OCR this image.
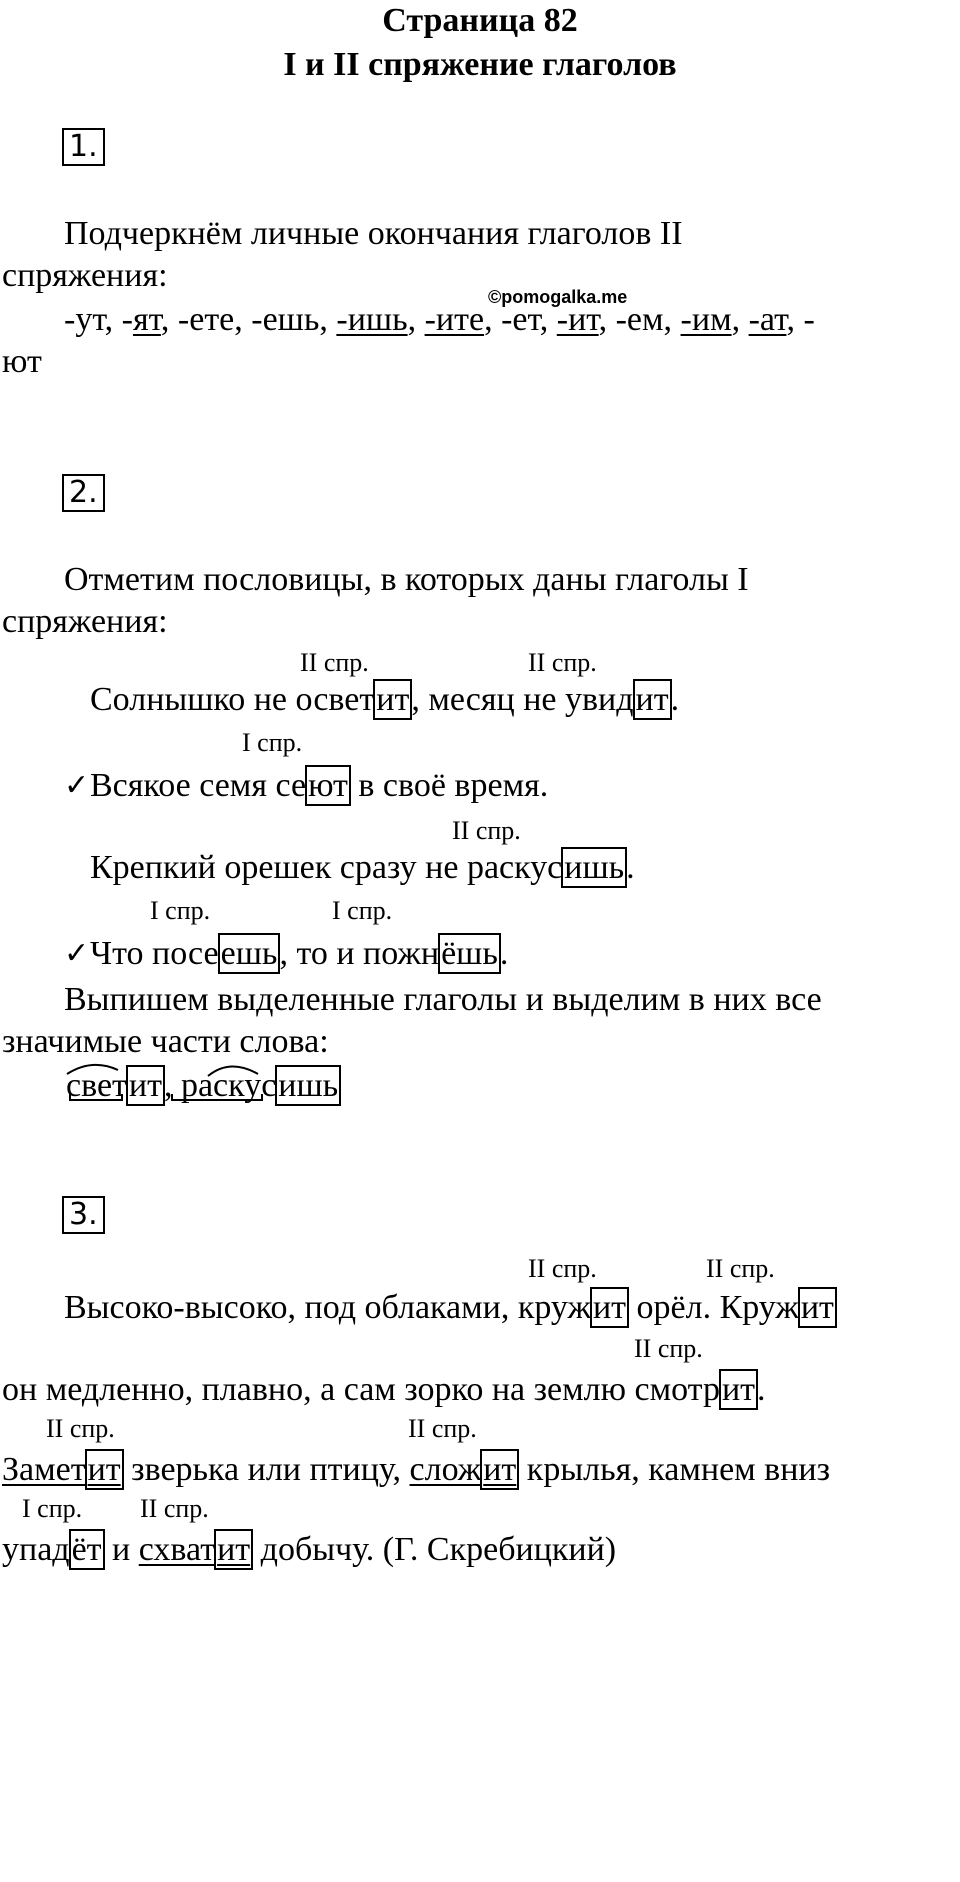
Страница 82
I и II спряжение глаголов
1.
Подчеркнём личные окончания глаголов II
спряжения:
©pomogalka.me
-ут, -ят, -ете, -ешь, -ишь, -ите, -ет, -ит, -ем, -им, -ат, -
ют
2.
Отметим пословицы, в которых даны глаголы I
спряжения:
II спр.	II спр.
Солнышко не осветит, месяц не увидит.
I спр.
✓ Всякое семя сеют в своё время.
II спр.
Крепкий орешек сразу не раскусишь.
I спр.	I спр.
✓ Что посеешь, то и пожнёшь.
Выпишем выделенные глаголы и выделим в них все
значимые части слова:
светит, раскусишь
3.
II спр.	II спр.
Высоко-высоко, под облаками, кружит орёл. Кружит
II спр.
он медленно, плавно, а сам зорко на землю смотрит.
II спр.	II спр.
Заметит зверька или птицу, сложит крылья, камнем вниз
I спр. II спр.
упадёт и схватит добычу. (Г. Скребицкий)
